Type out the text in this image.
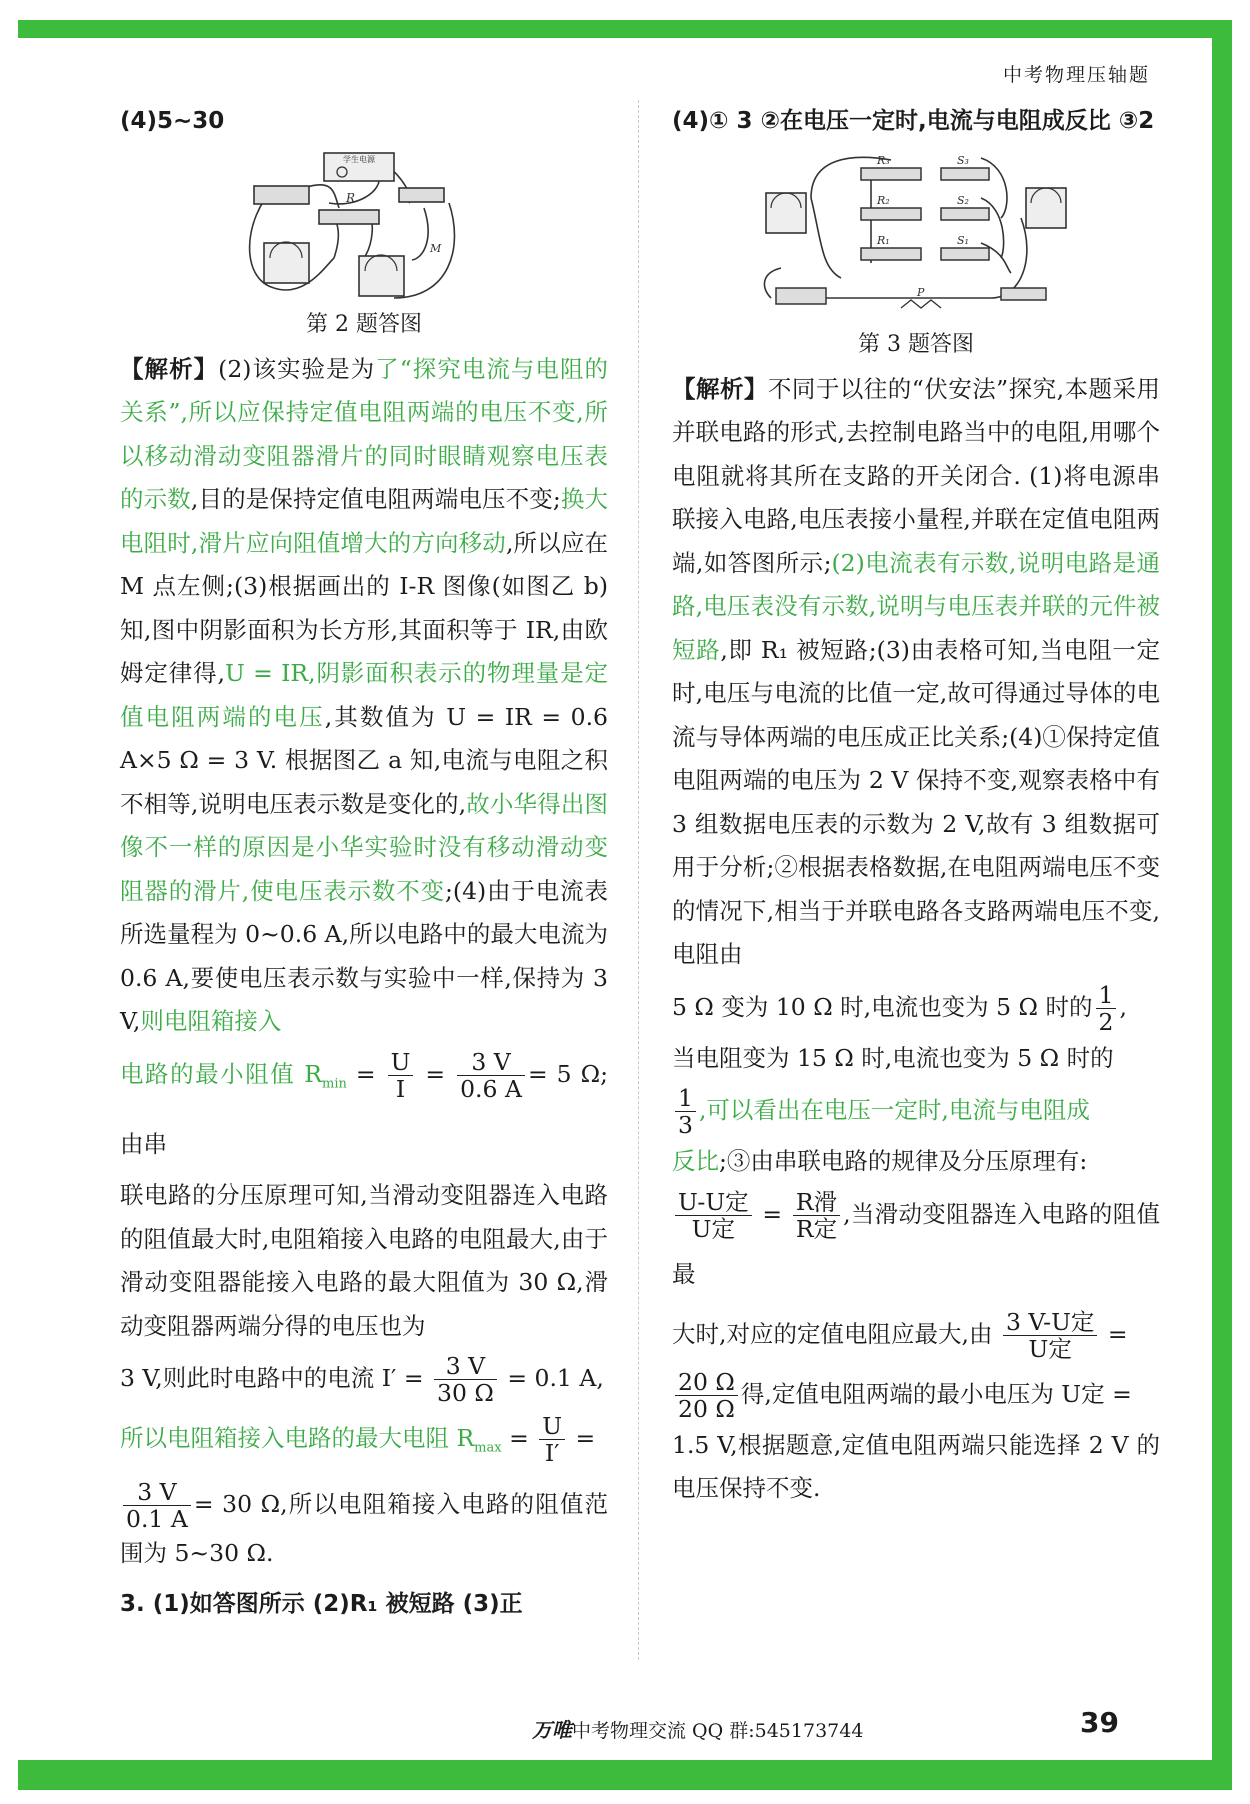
中考物理压轴题
(4)5~30
学生电源
R
M
第 2 题答图

【解析】(2)该实验是为了“探究电流与电阻的关系”,所以应保持定值电阻两端的电压不变,所以移动滑动变阻器滑片的同时眼睛观察电压表的示数,目的是保持定值电阻两端电压不变;换大电阻时,滑片应向阻值增大的方向移动,所以应在 M 点左侧;(3)根据画出的 I-R 图像(如图乙 b)知,图中阴影面积为长方形,其面积等于 IR,由欧姆定律得,U = IR,阴影面积表示的物理量是定值电阻两端的电压,其数值为 U = IR = 0.6 A×5 Ω = 3 V. 根据图乙 a 知,电流与电阻之积不相等,说明电压表示数是变化的,故小华得出图像不一样的原因是小华实验时没有移动滑动变阻器的滑片,使电压表示数不变;(4)由于电流表所选量程为 0~0.6 A,所以电路中的最大电流为 0.6 A,要使电压表示数与实验中一样,保持为 3 V,则电阻箱接入

电路的最小阻值 $R_{min} = \frac{U}{I} = \frac{3 V}{0.6 A} = 5$ Ω;由串

联电路的分压原理可知,当滑动变阻器连入电路的阻值最大时,电阻箱接入电路的电阻最大,由于滑动变阻器能接入电路的最大阻值为 30 Ω,滑动变阻器两端分得的电压也为

3 V,则此时电路中的电流 $I' = \frac{3 V}{30 \Omega} = 0.1$ A,

所以电阻箱接入电路的最大电阻 $R_{max} = \frac{U}{I'}$ =

$\frac{3 V}{0.1 A} = 30$ Ω,所以电阻箱接入电路的阻值范围为 5~30 Ω.

3. (1)如答图所示 (2)R₁ 被短路 (3)正
(4)① 3 ②在电压一定时,电流与电阻成反比 ③2
R₃
R₂
R₁
S₃
S₂
S₁
P
第 3 题答图

【解析】不同于以往的“伏安法”探究,本题采用并联电路的形式,去控制电路当中的电阻,用哪个电阻就将其所在支路的开关闭合. (1)将电源串联接入电路,电压表接小量程,并联在定值电阻两端,如答图所示;(2)电流表有示数,说明电路是通路,电压表没有示数,说明与电压表并联的元件被短路,即 R₁ 被短路;(3)由表格可知,当电阻一定时,电压与电流的比值一定,故可得通过导体的电流与导体两端的电压成正比关系;(4)①保持定值电阻两端的电压为 2 V 保持不变,观察表格中有 3 组数据电压表的示数为 2 V,故有 3 组数据可用于分析;②根据表格数据,在电阻两端电压不变的情况下,相当于并联电路各支路两端电压不变,电阻由

5 Ω 变为 10 Ω 时,电流也变为 5 Ω 时的 $\frac{1}{2}$ ,

当电阻变为 15 Ω 时,电流也变为 5 Ω 时的

$\frac{1}{3}$ ,可以看出在电压一定时,电流与电阻成

反比;③由串联电路的规律及分压原理有:

$\frac{\text{U-U定}}{\text{U定}} = \frac{\text{R滑}}{\text{R定}}$ ,当滑动变阻器连入电路的阻值最

大时,对应的定值电阻应最大,由 $\frac{\text{3 V-U定}}{\text{U定}}$ =

$\frac{20 \Omega}{20 \Omega}$ 得,定值电阻两端的最小电压为 U定 =

1.5 V,根据题意,定值电阻两端只能选择 2 V 的电压保持不变.

万唯中考物理交流 QQ 群:545173744	39
